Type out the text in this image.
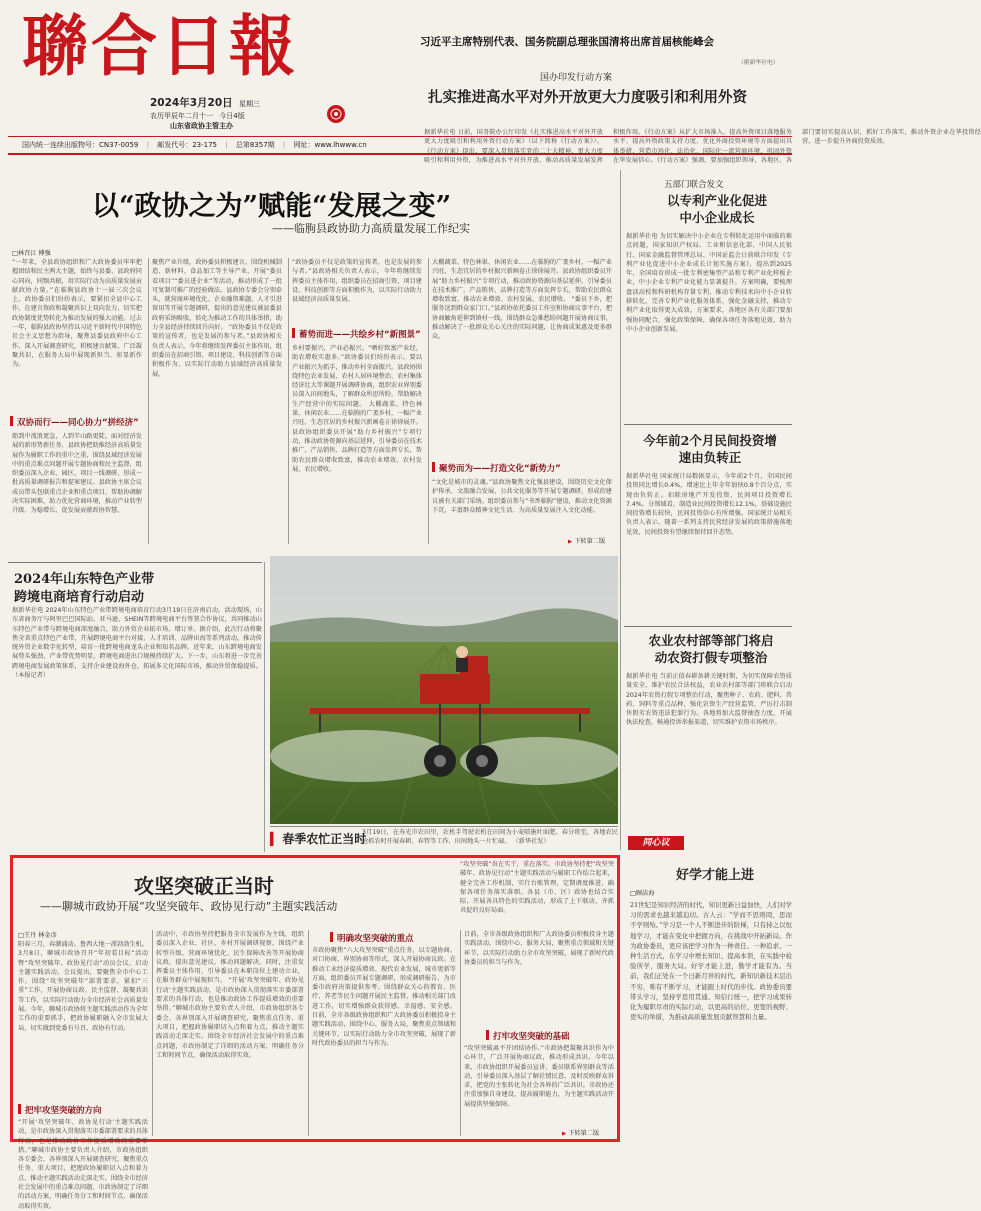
聯合日報
2024年3月20日 星期三
农历甲辰年二月十一 今日4版
山东省政协主管主办
国内统一连续出版物号：CN37-0059 | 邮发代号：23-175 | 总第8357期 | 网址：www.lhwww.cn
习近平主席特别代表、国务院副总理张国清将出席首届核能峰会
（据新华社电）
国办印发行动方案
扎实推进高水平对外开放更大力度吸引和利用外资
据新华社电 日前，国务院办公厅印发《扎实推进高水平对外开放更大力度吸引和利用外资行动方案》（以下简称《行动方案》）。《行动方案》提出，要深入贯彻落实党的二十大精神，更大力度吸引和利用外资，为推进高水平对外开放、推动高质量发展发挥积极作用。《行动方案》从扩大市场准入、提高外资项目落地服务水平、提高外资政策支持力度、优化外商投资环境等方面提出具体举措，营造市场化、法治化、国际化一流营商环境，巩固外资在华发展信心。《行动方案》强调，要加强组织领导，各地区、各部门要切实提高认识，抓好工作落实，推动外资企业在华投资经营，进一步提升外商投资质效。
以“政协之为”赋能“发展之变”
——临朐县政协助力高质量发展工作纪实
□林召江 傅强
“一年来，全县政协组织和广大政协委员牢牢把握团结和民主两大主题，始终与县委、县政府同心同向，同频共振，用实际行动为高质量发展贡献政协力量。”在临朐县政协十一届三次会议上，政协委员们纷纷表示，要紧扣全县中心工作，在建言资政和凝聚共识上双向发力，切实把政协制度优势转化为推动发展的强大动能。过去一年，临朐县政协坚持以习近平新时代中国特色社会主义思想为指导，聚焦县委县政府中心工作，深入开展调查研究，积极建言献策，广泛凝聚共识，在服务大局中展现新担当、彰显新作为。
双协而行——同心协力“拼经济”
船到中流浪更急，人到半山路更陡。面对经济发展的新形势新任务，县政协把助推经济高质量发展作为履职工作的重中之重，围绕县域经济发展中的重点难点问题开展专题协商和民主监督，组织委员深入企业、园区、项目一线调研，形成一批高质量调研报告和提案建议。县政协主席会议成员带头包联重点企业和重点项目，帮助协调解决实际困难，助力优化营商环境，推动产业转型升级，为稳增长、促发展贡献政协智慧。
聚焦产业升级，政协委员积极建言。围绕机械制造、新材料、食品加工等主导产业，开展“委员看项目”“委员进企业”等活动，推动形成了一批可复制可推广的经验做法。县政协专委会分别牵头，就营商环境优化、企业融资难题、人才引进留用等开展专题调研，提出的意见建议被县委县政府采纳吸收，转化为推动工作的具体举措，助力全县经济持续回升向好。 “政协委员不仅是政策的宣传者，也是发展的参与者。”县政协相关负责人表示，今年将继续发挥委员主体作用，组织委员在招商引资、项目建设、科技创新等方面积极作为，以实际行动助力县域经济高质量发展。
“政协委员不仅是政策的宣传者，也是发展的参与者。”县政协相关负责人表示，今年将继续发挥委员主体作用，组织委员在招商引资、项目建设、科技创新等方面积极作为，以实际行动助力县域经济高质量发展。
蓄势而进——共绘乡村“新图景”
乡村要振兴，产业必振兴。“晒好致富产业经，助农增收实惠多。”政协委员们纷纷表示，要以产业振兴为抓手，推动乡村全面振兴。县政协围绕特色农业发展、农村人居环境整治、农村集体经济壮大等课题开展调研协商，组织农业界别委员深入田间地头，了解群众所思所盼，帮助解决生产经营中的实际问题。 大棚蔬菜、特色林果、休闲农业……在临朐的广袤乡村，一幅产业兴旺、生态宜居的乡村振兴新画卷正徐徐展开。县政协组织委员开展“助力乡村振兴”专项行动，推动政协资源向基层延伸，引导委员在技术推广、产品销售、品牌打造等方面发挥专长，帮助农民群众增收致富，推动农业增效、农村发展、农民增收。
大棚蔬菜、特色林果、休闲农业……在临朐的广袤乡村，一幅产业兴旺、生态宜居的乡村振兴新画卷正徐徐展开。县政协组织委员开展“助力乡村振兴”专项行动，推动政协资源向基层延伸，引导委员在技术推广、产品销售、品牌打造等方面发挥专长，帮助农民群众增收致富，推动农业增效、农村发展、农民增收。 “委员下乡，把服务送到群众家门口。”县政协依托委员工作室和协商议事平台，把协商触角延伸到镇村一线，围绕群众急难愁盼问题开展协商议事，推动解决了一批群众关心关注的实际问题，让协商成果惠及更多群众。
聚势而为——打造文化“新势力”
“文化是城市的灵魂。”县政协聚焦文化强县建设，围绕历史文化保护传承、文旅融合发展、公共文化服务等开展专题调研，形成的建议被有关部门采纳。组织委员参与“书香临朐”建设，推动文化资源下沉，丰富群众精神文化生活，为高质量发展注入文化动能。
▶ 下转第二版
2024年山东特色产业带
跨境电商培育行动启动
据新华社电 2024年山东特色产业带跨境电商培育行动3月19日在济南启动。活动现场，山东省商务厅与阿里巴巴国际站、亚马逊、SHEIN等跨境电商平台签署合作协议，共同推动山东特色产业带与跨境电商深度融合，助力外贸企业拓市场、增订单。据介绍，此次行动将聚焦全省重点特色产业带，开展跨境电商平台对接、人才培训、品牌出海等系列活动，推动传统外贸企业数字化转型，培育一批跨境电商龙头企业和知名品牌。近年来，山东跨境电商发展势头强劲，产业带优势明显，跨境电商进出口规模持续扩大。下一步，山东将进一步完善跨境电商发展政策体系，支持企业建设海外仓，拓展多元化国际市场，推动外贸保稳提质。 （本报记者）
▍ 春季农忙正当时
3月19日，在寿光市农田里，农机手驾驶农机在田间为小麦喷施叶面肥。春分将至，各地农民抢抓农时开展春耕、春管等工作，田间地头一片忙碌。 （新华社发）
五部门联合发文
以专利产业化促进中小企业成长
据新华社电 为切实解决中小企业在专利转化运用中面临的难点问题，国家知识产权局、工业和信息化部、中国人民银行、国家金融监督管理总局、中国证监会日前联合印发《专利产业化促进中小企业成长计划实施方案》，提出到2025年，全国培育形成一批专利密集型产品和专利产业化样板企业，中小企业专利产业化能力显著提升。方案明确，要梳理盘活高校和科研机构存量专利，推动专利技术向中小企业转移转化，完善专利产业化服务体系，强化金融支持，推动专利产业化取得更大成效。方案要求，各地区各有关部门要加强协同配合，强化政策保障，确保各项任务落地见效，助力中小企业创新发展。
今年前2个月民间投资增速由负转正
据新华社电 国家统计局数据显示，今年前2个月，全国民间投资同比增长0.4%，增速比上年全年加快0.8个百分点，实现由负转正。扣除房地产开发投资，民间项目投资增长7.4%。分领域看，制造业民间投资增长12.1%，基础设施民间投资增长较快，民间投资信心有所增强。国家统计局相关负责人表示，随着一系列支持民营经济发展的政策措施落地见效，民间投资有望继续保持回升态势。
农业农村部等部门将启动农资打假专项整治
据新华社电 当前正值春耕备耕关键时期，为切实保障农资质量安全，维护农民合法权益，农业农村部等部门将联合启动2024年农资打假专项整治行动，聚焦种子、农药、肥料、兽药、饲料等重点品种，强化农资生产经营监管，严厉打击制售假劣农资违法犯罪行为。各地将加大监督抽查力度，开展执法检查，畅通投诉举报渠道，切实维护农资市场秩序。
同心议
好学才能上进
□顾洁海
21世纪是知识经济的时代，知识更新日益加快，人们对学习的需求也越来越迫切。古人云：“学而不思则罔，思而不学则殆。”学习是一个人不断进步的阶梯，只有持之以恒地学习，才能在变化中把握方向，在挑战中开拓新局。作为政协委员，更应该把学习作为一种责任、一种追求、一种生活方式，在学习中增长知识、提高本领，在实践中检验所学、服务大局。好学才能上进，勤学才能有为。当前，我们正处在一个日新月异的时代，新知识新技术层出不穷，唯有不断学习，才能跟上时代的步伐。政协委员要带头学习，坚持学思用贯通、知信行统一，把学习成果转化为履职尽责的实际行动，以更高的站位、更宽的视野、更实的举措，为推动高质量发展贡献智慧和力量。
攻坚突破正当时
——聊城市政协开展“攻坚突破年、政协见行动”主题实践活动
“攻坚突破”贵在实干，重在落实。市政协坚持把“攻坚突破年、政协见行动”主题实践活动与履职工作结合起来，健全完善工作机制，实行台账管理，定期调度推进，确保各项任务落实落细。各县（市、区）政协也结合实际，开展各具特色的实践活动，形成了上下联动、齐抓共促的良好局面。
□王丹 林金彦
阳春三月，春潮涌动。鲁西大地一派勃勃生机。3月8日，聊城市政协召开“年初看目标”活动暨“攻坚突破年、政协见行动”动员会议，启动主题实践活动。会议提出，要聚焦全市中心工作，围绕“攻坚突破年”部署要求，紧扣“三重”工作，开展协商议政、民主监督、凝聚共识等工作，以实际行动助力全市经济社会高质量发展。今年，聊城市政协将主题实践活动作为全年工作的重要抓手，把政协履职融入全市发展大局，切实做到党委有号召、政协有行动。
把牢攻坚突破的方向
“开展‘攻坚突破年、政协见行动’主题实践活动，是市政协深入贯彻落实市委部署要求的具体行动，也是推动政协工作提质增效的重要举措。”聊城市政协主要负责人介绍，市政协组织各专委会、各界别深入开展调查研究，聚焦重点任务、重大项目，把握政协履职切入点和着力点，推动主题实践活动走深走实。围绕全市经济社会发展中的重点难点问题，市政协制定了详细的活动方案，明确任务分工和时间节点，确保活动取得实效。
活动中，市政协坚持把服务全市发展作为主线，组织委员深入企业、社区、乡村开展调研视察，围绕产业转型升级、营商环境优化、民生保障改善等开展协商议政，提出意见建议，推动问题解决。同时，注重发挥委员主体作用，引导委员在本职岗位上建功立业，在服务群众中展现担当。 “开展‘攻坚突破年、政协见行动’主题实践活动，是市政协深入贯彻落实市委部署要求的具体行动，也是推动政协工作提质增效的重要举措。”聊城市政协主要负责人介绍，市政协组织各专委会、各界别深入开展调查研究，聚焦重点任务、重大项目，把握政协履职切入点和着力点，推动主题实践活动走深走实。围绕全市经济社会发展中的重点难点问题，市政协制定了详细的活动方案，明确任务分工和时间节点，确保活动取得实效。
明确攻坚突破的重点
市政协聚焦“六大攻坚突破”重点任务，以专题协商、对口协商、界别协商等形式，深入开展协商议政。在推动工业经济提质增效、现代农业发展、城市更新等方面，组织委员开展专题调研，形成调研报告，为市委市政府决策提供参考。围绕群众关心的教育、医疗、养老等民生问题开展民主监督，推动相关部门改进工作，切实增强群众获得感、幸福感、安全感。 目前，全市各级政协组织和广大政协委员积极投身主题实践活动，围绕中心、服务大局，聚焦重点领域和关键环节，以实际行动助力全市攻坚突破，展现了新时代政协委员的担当与作为。
目前，全市各级政协组织和广大政协委员积极投身主题实践活动，围绕中心、服务大局，聚焦重点领域和关键环节，以实际行动助力全市攻坚突破，展现了新时代政协委员的担当与作为。
打牢攻坚突破的基础
“攻坚突破离不开团结协作。”市政协把凝聚共识作为中心环节，广泛开展协商议政，推动形成共识。今年以来，市政协组织开展委员宣讲、委员联系界别群众等活动，引导委员深入基层了解社情民意，及时反映群众诉求，把党的主张转化为社会各界的广泛共识。市政协还注重加强自身建设，提高履职能力，为主题实践活动开展提供坚强保障。
▶ 下转第二版
